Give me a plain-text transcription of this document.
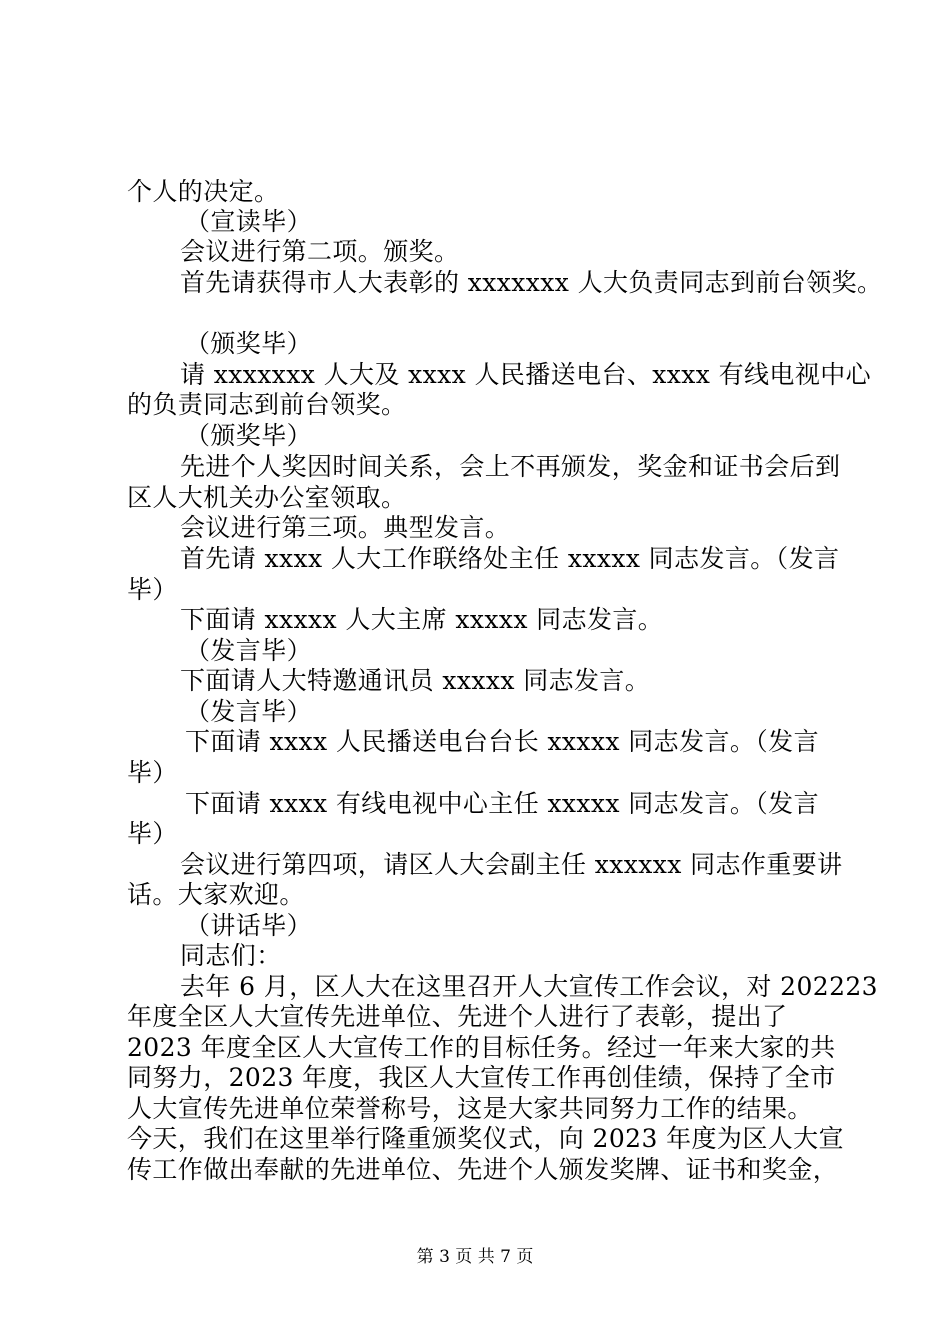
个人的决定。
（宣读毕）
会议进行第二项。颁奖。
首先请获得市人大表彰的 xxxxxxx 人大负责同志到前台领奖。
（颁奖毕）
请 xxxxxxx 人大及 xxxx 人民播送电台、xxxx 有线电视中心
的负责同志到前台领奖。
（颁奖毕）
先进个人奖因时间关系，会上不再颁发，奖金和证书会后到
区人大机关办公室领取。
会议进行第三项。典型发言。
首先请 xxxx 人大工作联络处主任 xxxxx 同志发言。（发言
毕）
下面请 xxxxx 人大主席 xxxxx 同志发言。
（发言毕）
下面请人大特邀通讯员 xxxxx 同志发言。
（发言毕）
下面请 xxxx 人民播送电台台长 xxxxx 同志发言。（发言
毕）
下面请 xxxx 有线电视中心主任 xxxxx 同志发言。（发言
毕）
会议进行第四项，请区人大会副主任 xxxxxx 同志作重要讲
话。大家欢迎。
（讲话毕）
同志们：
去年 6 月，区人大在这里召开人大宣传工作会议，对 202223
年度全区人大宣传先进单位、先进个人进行了表彰，提出了
2023 年度全区人大宣传工作的目标任务。经过一年来大家的共
同努力，2023 年度，我区人大宣传工作再创佳绩，保持了全市
人大宣传先进单位荣誉称号，这是大家共同努力工作的结果。
今天，我们在这里举行隆重颁奖仪式，向 2023 年度为区人大宣
传工作做出奉献的先进单位、先进个人颁发奖牌、证书和奖金，
第 3 页 共 7 页
